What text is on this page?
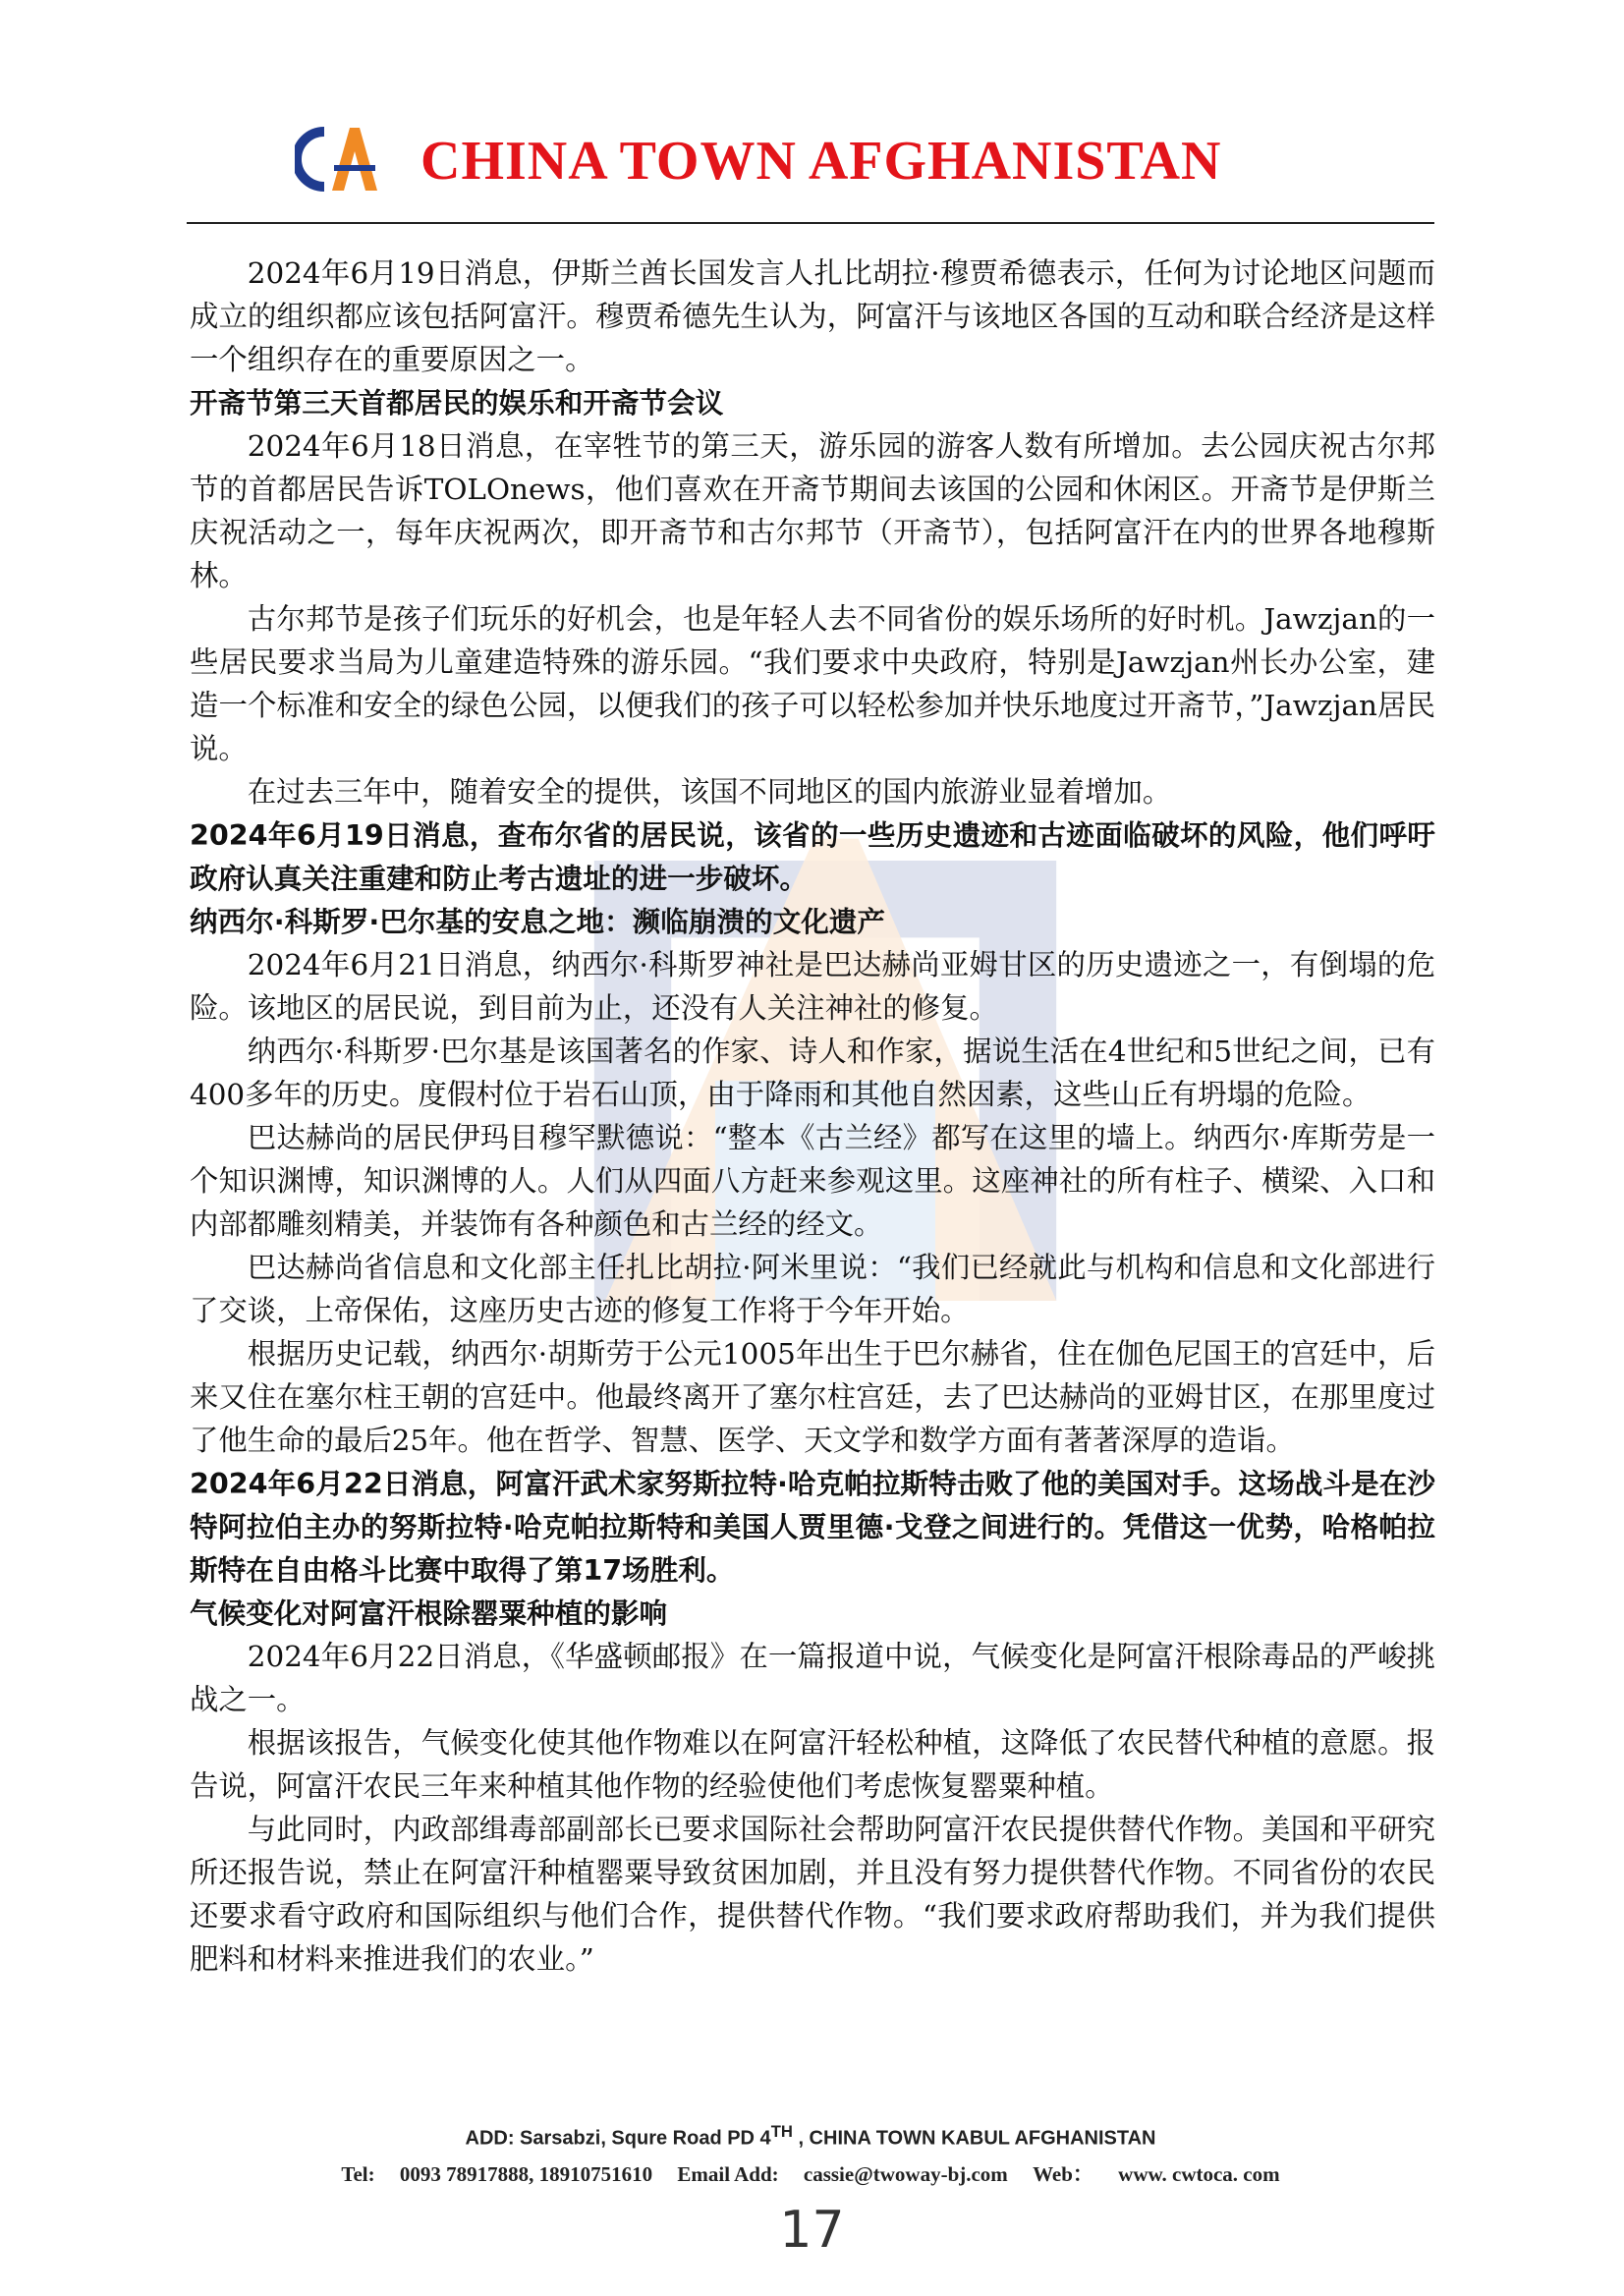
CHINA TOWN AFGHANISTAN

2024年6月19日消息，伊斯兰酋长国发言人扎比胡拉·穆贾希德表示，任何为讨论地区问题而成立的组织都应该包括阿富汗。穆贾希德先生认为，阿富汗与该地区各国的互动和联合经济是这样一个组织存在的重要原因之一。

开斋节第三天首都居民的娱乐和开斋节会议

2024年6月18日消息，在宰牲节的第三天，游乐园的游客人数有所增加。去公园庆祝古尔邦节的首都居民告诉TOLOnews，他们喜欢在开斋节期间去该国的公园和休闲区。开斋节是伊斯兰庆祝活动之一，每年庆祝两次，即开斋节和古尔邦节（开斋节），包括阿富汗在内的世界各地穆斯林。

古尔邦节是孩子们玩乐的好机会，也是年轻人去不同省份的娱乐场所的好时机。Jawzjan的一些居民要求当局为儿童建造特殊的游乐园。“我们要求中央政府，特别是Jawzjan州长办公室，建造一个标准和安全的绿色公园，以便我们的孩子可以轻松参加并快乐地度过开斋节，”Jawzjan居民说。

在过去三年中，随着安全的提供，该国不同地区的国内旅游业显着增加。

2024年6月19日消息，查布尔省的居民说，该省的一些历史遗迹和古迹面临破坏的风险，他们呼吁政府认真关注重建和防止考古遗址的进一步破坏。

纳西尔·科斯罗·巴尔基的安息之地：濒临崩溃的文化遗产

2024年6月21日消息，纳西尔·科斯罗神社是巴达赫尚亚姆甘区的历史遗迹之一，有倒塌的危险。该地区的居民说，到目前为止，还没有人关注神社的修复。

纳西尔·科斯罗·巴尔基是该国著名的作家、诗人和作家，据说生活在4世纪和5世纪之间，已有400多年的历史。度假村位于岩石山顶，由于降雨和其他自然因素，这些山丘有坍塌的危险。

巴达赫尚的居民伊玛目穆罕默德说：“整本《古兰经》都写在这里的墙上。纳西尔·库斯劳是一个知识渊博，知识渊博的人。人们从四面八方赶来参观这里。这座神社的所有柱子、横梁、入口和内部都雕刻精美，并装饰有各种颜色和古兰经的经文。

巴达赫尚省信息和文化部主任扎比胡拉·阿米里说：“我们已经就此与机构和信息和文化部进行了交谈，上帝保佑，这座历史古迹的修复工作将于今年开始。

根据历史记载，纳西尔·胡斯劳于公元1005年出生于巴尔赫省，住在伽色尼国王的宫廷中，后来又住在塞尔柱王朝的宫廷中。他最终离开了塞尔柱宫廷，去了巴达赫尚的亚姆甘区，在那里度过了他生命的最后25年。他在哲学、智慧、医学、天文学和数学方面有著著深厚的造诣。

2024年6月22日消息，阿富汗武术家努斯拉特·哈克帕拉斯特击败了他的美国对手。这场战斗是在沙特阿拉伯主办的努斯拉特·哈克帕拉斯特和美国人贾里德·戈登之间进行的。凭借这一优势，哈格帕拉斯特在自由格斗比赛中取得了第17场胜利。

气候变化对阿富汗根除罂粟种植的影响

2024年6月22日消息，《华盛顿邮报》在一篇报道中说，气候变化是阿富汗根除毒品的严峻挑战之一。

根据该报告，气候变化使其他作物难以在阿富汗轻松种植，这降低了农民替代种植的意愿。报告说，阿富汗农民三年来种植其他作物的经验使他们考虑恢复罂粟种植。

与此同时，内政部缉毒部副部长已要求国际社会帮助阿富汗农民提供替代作物。美国和平研究所还报告说，禁止在阿富汗种植罂粟导致贫困加剧，并且没有努力提供替代作物。不同省份的农民还要求看守政府和国际组织与他们合作，提供替代作物。“我们要求政府帮助我们，并为我们提供肥料和材料来推进我们的农业。”

ADD: Sarsabzi, Squre Road PD 4TH , CHINA TOWN KABUL AFGHANISTAN
Tel: 0093 78917888, 18910751610 Email Add: cassie@twoway-bj.com Web： www. cwtoca. com
17
